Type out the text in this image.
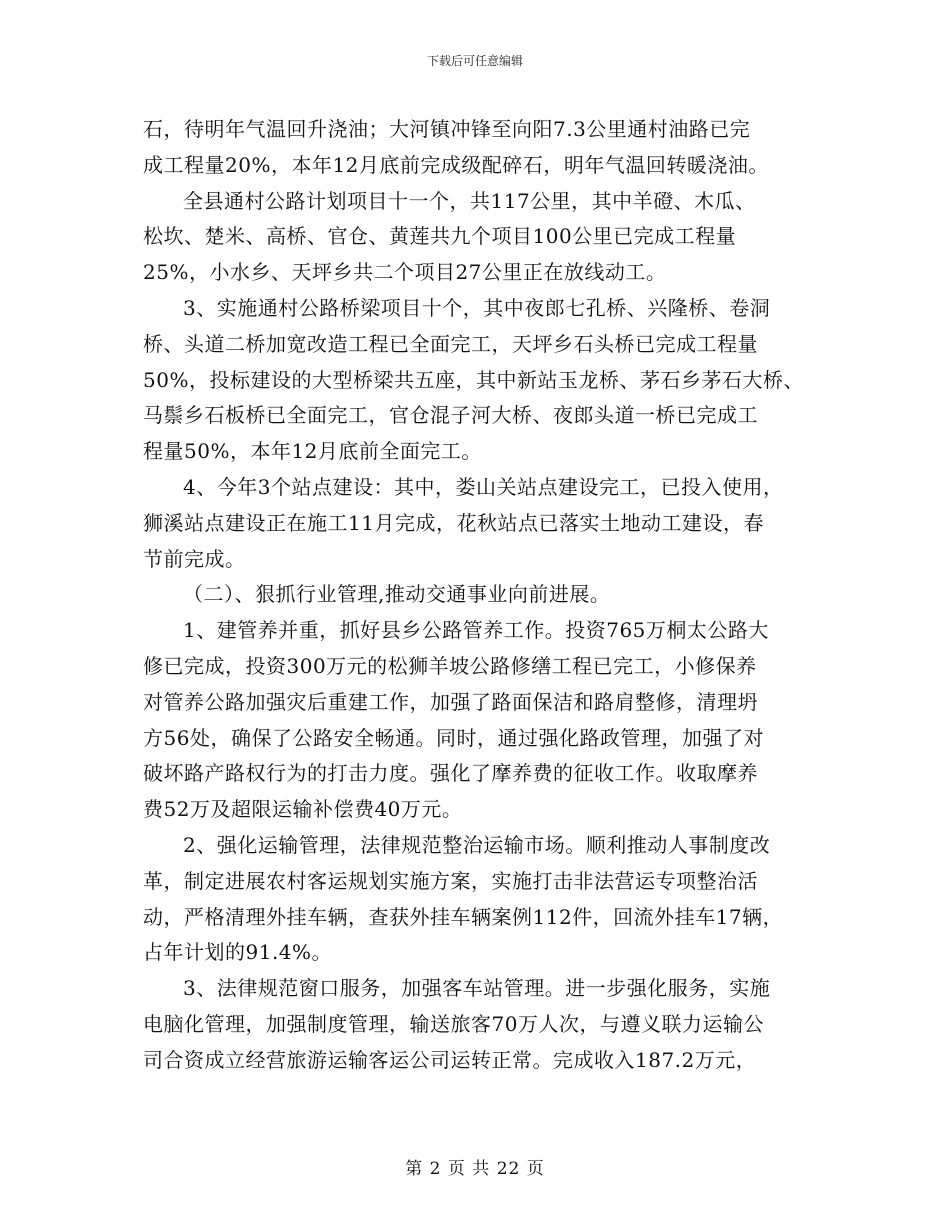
下载后可任意编辑
石，待明年气温回升浇油；大河镇冲锋至向阳7.3公里通村油路已完
成工程量20%，本年12月底前完成级配碎石，明年气温回转暖浇油。
全县通村公路计划项目十一个，共117公里，其中羊磴、木瓜、
松坎、楚米、高桥、官仓、黄莲共九个项目100公里已完成工程量
25%，小水乡、天坪乡共二个项目27公里正在放线动工。
3、实施通村公路桥梁项目十个，其中夜郎七孔桥、兴隆桥、卷洞
桥、头道二桥加宽改造工程已全面完工，天坪乡石头桥已完成工程量
50%，投标建设的大型桥梁共五座，其中新站玉龙桥、茅石乡茅石大桥、
马鬃乡石板桥已全面完工，官仓混子河大桥、夜郎头道一桥已完成工
程量50%，本年12月底前全面完工。
4、今年3个站点建设：其中，娄山关站点建设完工，已投入使用，
狮溪站点建设正在施工11月完成，花秋站点已落实土地动工建设，春
节前完成。
（二）、狠抓行业管理,推动交通事业向前进展。
1、建管养并重，抓好县乡公路管养工作。投资765万桐太公路大
修已完成，投资300万元的松狮羊坡公路修缮工程已完工，小修保养
对管养公路加强灾后重建工作，加强了路面保洁和路肩整修，清理坍
方56处，确保了公路安全畅通。同时，通过强化路政管理，加强了对
破坏路产路权行为的打击力度。强化了摩养费的征收工作。收取摩养
费52万及超限运输补偿费40万元。
2、强化运输管理，法律规范整治运输市场。顺利推动人事制度改
革，制定进展农村客运规划实施方案，实施打击非法营运专项整治活
动，严格清理外挂车辆，查获外挂车辆案例112件，回流外挂车17辆，
占年计划的91.4%。
3、法律规范窗口服务，加强客车站管理。进一步强化服务，实施
电脑化管理，加强制度管理，输送旅客70万人次，与遵义联力运输公
司合资成立经营旅游运输客运公司运转正常。完成收入187.2万元，
第 2 页 共 22 页
